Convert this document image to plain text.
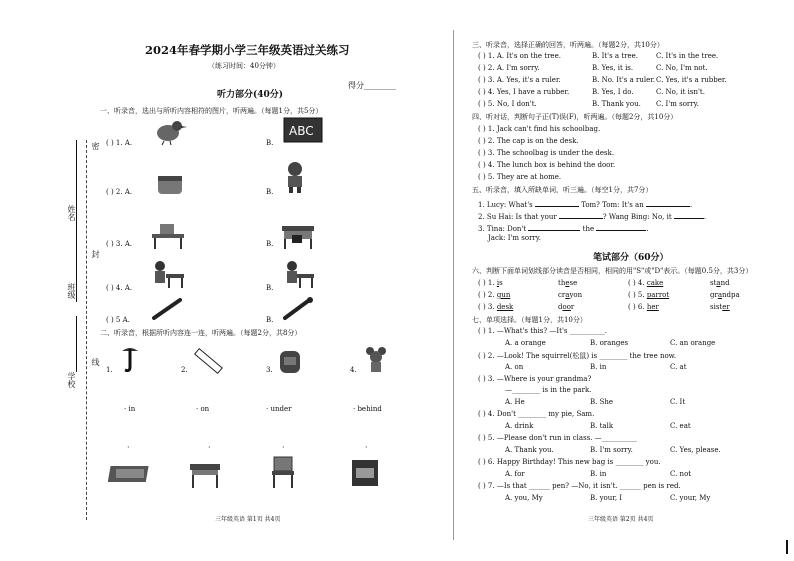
密
姓名
封
班级
线
学校
2024年春学期小学三年级英语过关练习
（练习时间：40分钟）
得分________
听力部分(40分)
一、听录音，选出与所听内容相符的图片，听两遍。（每题1分，共5分）
( ) 1. A.	B.
( ) 2. A.	B.
( ) 3. A.	B.
( ) 4. A.	B.
( ) 5 A.	B.
ABC
二、听录音，根据所听内容连一连，听两遍。（每题2分，共8分）
1.	2.	3.	4.
· in	· on	· under	· behind
·	·	·	·
三年级英语 第1页 共4页
三、听录音，选择正确的回答，听两遍。（每题2分，共10分）
( ) 1. A. It's on the tree.	B. It's a tree.	C. It's in the tree.
( ) 2. A. I'm sorry.	B. Yes, it is.	C. No, I'm not.
( ) 3. A. Yes, it's a ruler.	B. No. It's a ruler. C. Yes, it's a rubber.
( ) 4. Yes, I have a rubber.	B. Yes, I do.	C. No, it isn't.
( ) 5. No, I don't.	B. Thank you. C. I'm sorry.
四、听对话，判断句子正(T)误(F)，听两遍。（每题2分，共10分）
( ) 1. Jack can't find his schoolbag.
( ) 2. The cap is on the desk.
( ) 3. The schoolbag is under the desk.
( ) 4. The lunch box is behind the door.
( ) 5. They are at home.
五、听录音，填入所缺单词，听三遍。（每空1分，共7分）
1. Lucy: What's	Tom? Tom: It's an	.
2. Su Hai: Is that your	? Wang Bing: No, it	.
3. Tina: Don't	the	.
Jack: I'm sorry.
笔试部分（60分）
六、判断下面单词划线部分读音是否相同，相同的用"S"或"D"表示。（每题0.5分，共3分）
( ) 1. is	these
( ) 2. gun	crayon
( ) 3. desk	door
( ) 4. cake	stand
( ) 5. parrot	grandpa
( ) 6. her	sister
七、单项选择。（每题1分，共10分）
( ) 1. —What's this? —It's __________.
A. a orange	B. oranges	C. an orange
( ) 2. —Look! The squirrel(松鼠) is ________ the tree now.
A. on	B. in	C. at
( ) 3. —Where is your grandma?
—________ is in the park.
A. He	B. She	C. It
( ) 4. Don't ________ my pie, Sam.
A. drink	B. talk	C. eat
( ) 5. —Please don't run in class. —__________
A. Thank you.	B. I'm sorry.	C. Yes, please.
( ) 6. Happy Birthday! This new bag is ________ you.
A. for	B. in	C. not
( ) 7. —Is that ______ pen? —No, it isn't. ______ pen is red.
A. you, My	B. your, I	C. your, My
三年级英语 第2页 共4页
